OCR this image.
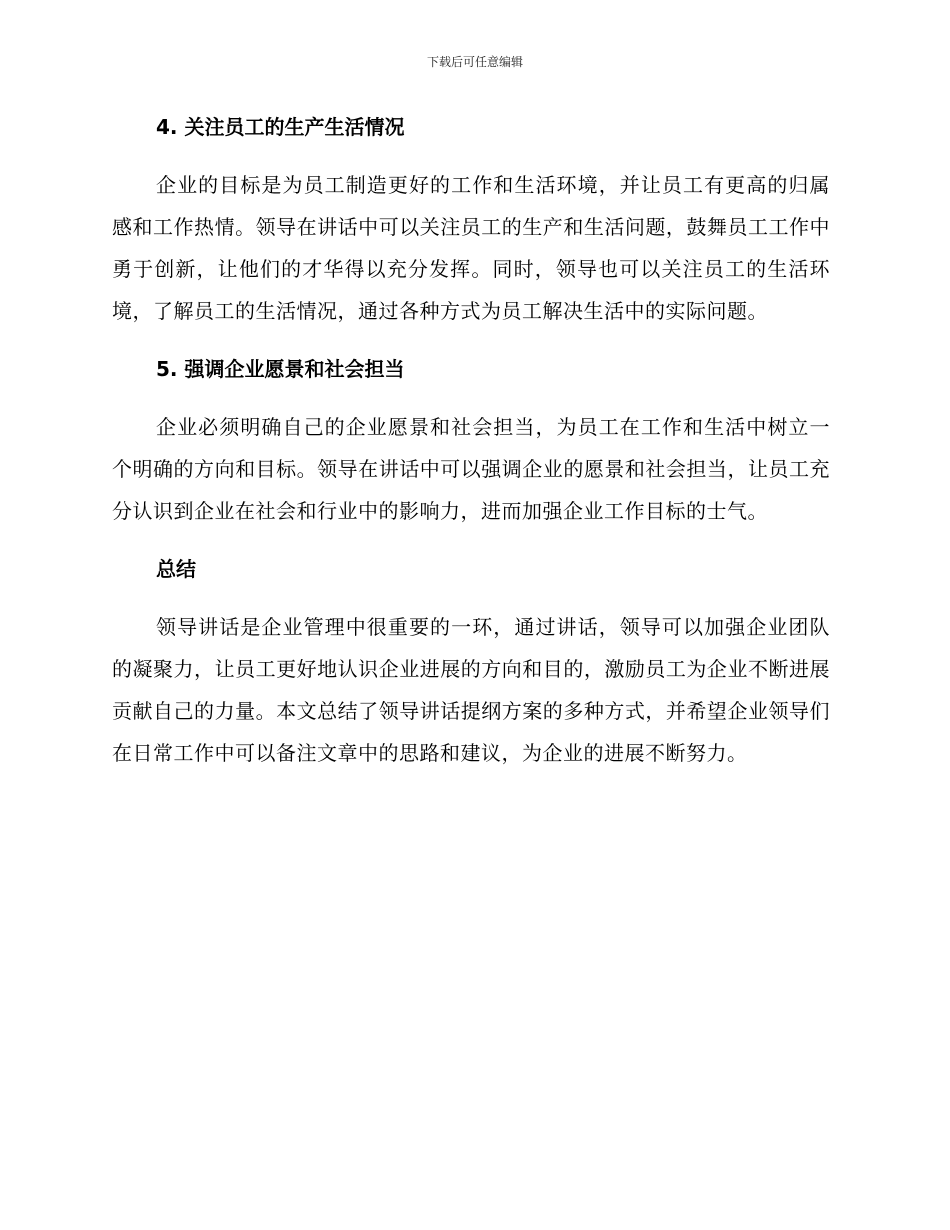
下载后可任意编辑
4. 关注员工的生产生活情况

企业的目标是为员工制造更好的工作和生活环境，并让员工有更高的归属感和工作热情。领导在讲话中可以关注员工的生产和生活问题，鼓舞员工工作中勇于创新，让他们的才华得以充分发挥。同时，领导也可以关注员工的生活环境，了解员工的生活情况，通过各种方式为员工解决生活中的实际问题。

5. 强调企业愿景和社会担当

企业必须明确自己的企业愿景和社会担当，为员工在工作和生活中树立一个明确的方向和目标。领导在讲话中可以强调企业的愿景和社会担当，让员工充分认识到企业在社会和行业中的影响力，进而加强企业工作目标的士气。

总结

领导讲话是企业管理中很重要的一环，通过讲话，领导可以加强企业团队的凝聚力，让员工更好地认识企业进展的方向和目的，激励员工为企业不断进展贡献自己的力量。本文总结了领导讲话提纲方案的多种方式，并希望企业领导们在日常工作中可以备注文章中的思路和建议，为企业的进展不断努力。
